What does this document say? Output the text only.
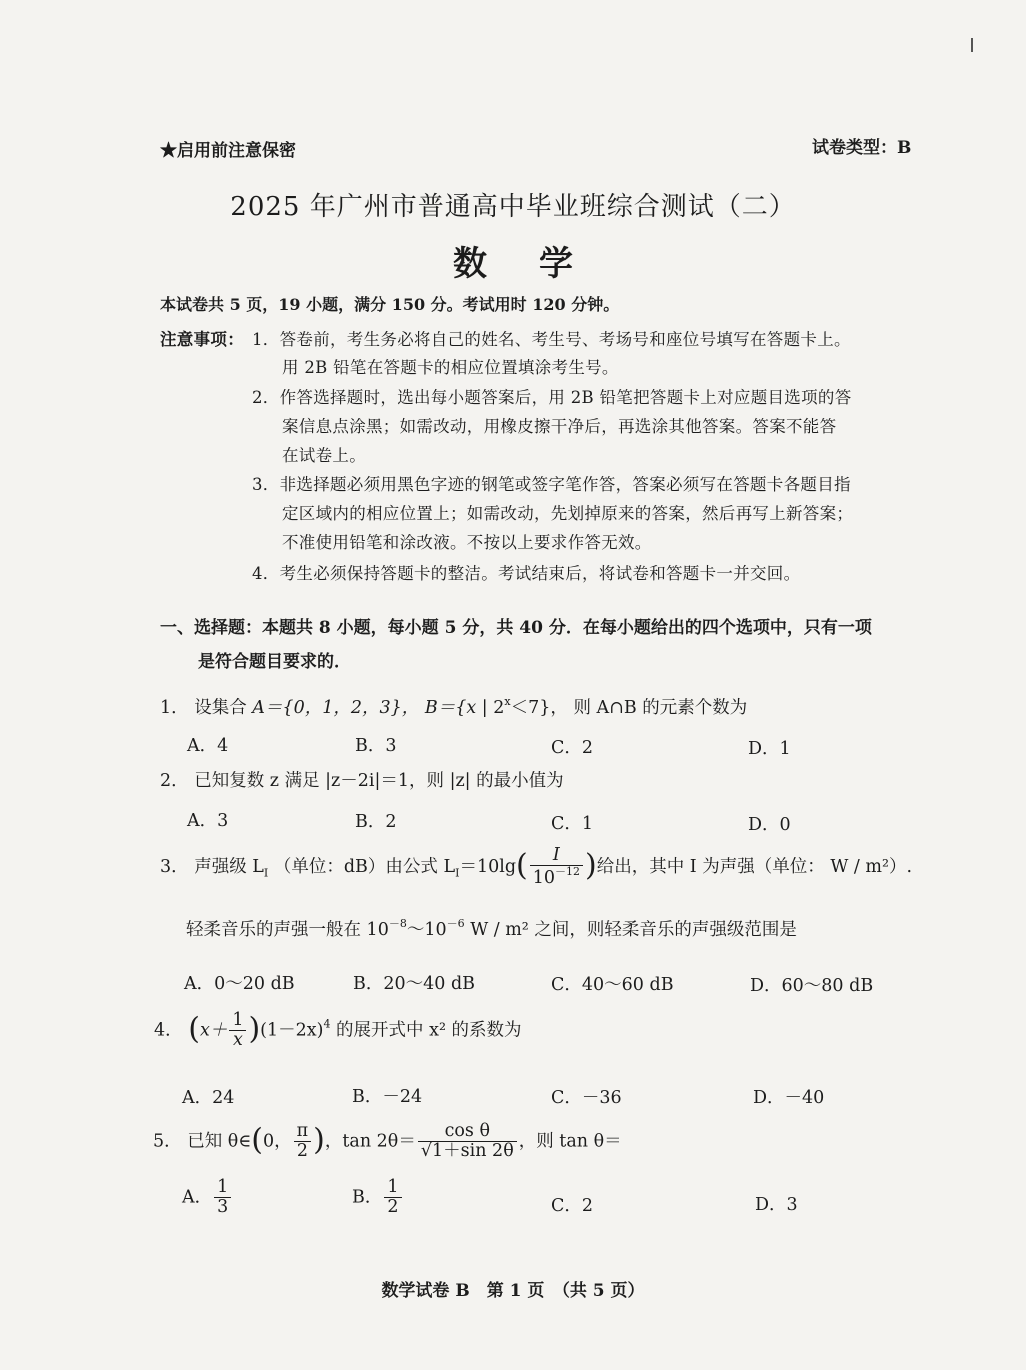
★启用前注意保密	试卷类型：B
2025 年广州市普通高中毕业班综合测试（二）
数学
本试卷共 5 页，19 小题，满分 150 分。考试用时 120 分钟。
注意事项： 1．答卷前，考生务必将自己的姓名、考生号、考场号和座位号填写在答题卡上。
用 2B 铅笔在答题卡的相应位置填涂考生号。
2．作答选择题时，选出每小题答案后，用 2B 铅笔把答题卡上对应题目选项的答
案信息点涂黑；如需改动，用橡皮擦干净后，再选涂其他答案。答案不能答
在试卷上。
3．非选择题必须用黑色字迹的钢笔或签字笔作答，答案必须写在答题卡各题目指
定区域内的相应位置上；如需改动，先划掉原来的答案，然后再写上新答案；
不准使用铅笔和涂改液。不按以上要求作答无效。
4．考生必须保持答题卡的整洁。考试结束后，将试卷和答题卡一并交回。
一、选择题：本题共 8 小题，每小题 5 分，共 40 分．在每小题给出的四个选项中，只有一项
是符合题目要求的．
1． 设集合 A＝{0，1，2，3}， B＝{x | $2^x<7$}， 则 A∩B 的元素个数为
A．4	B．3	C．2	D．1
2． 已知复数 z 满足 |z－2i|＝1，则 |z| 的最小值为
A．3	B．2	C．1	D．0
3． 声强级 $L_I$ （单位：dB）由公式 $L_I=10\lg( \frac{I}{10^{-12}}$ )给出，其中 I 为声强（单位： W / m²）.
轻柔音乐的声强一般在 $10^{-8}\sim 10^{-6}$ W / m² 之间，则轻柔音乐的声强级范围是
A．0～20 dB	B．20～40 dB	C．40～60 dB	D．60～80 dB
4． $(x+ \frac{1}{x} )(1-2x)^4$ 的展开式中 x² 的系数为
A．24	B．－24	C．－36	D．－40
5． 已知 θ∈(0， $\frac{\pi}{2}$ )，$\tan 2\theta= \frac{\text{cos θ}}{√1+\sin 2\theta}$ ，则 tan θ＝
A． $\frac{1}{3}$	B． $\frac{1}{2}$	C．2	D．3
数学试卷 B　第 1 页　（共 5 页）
